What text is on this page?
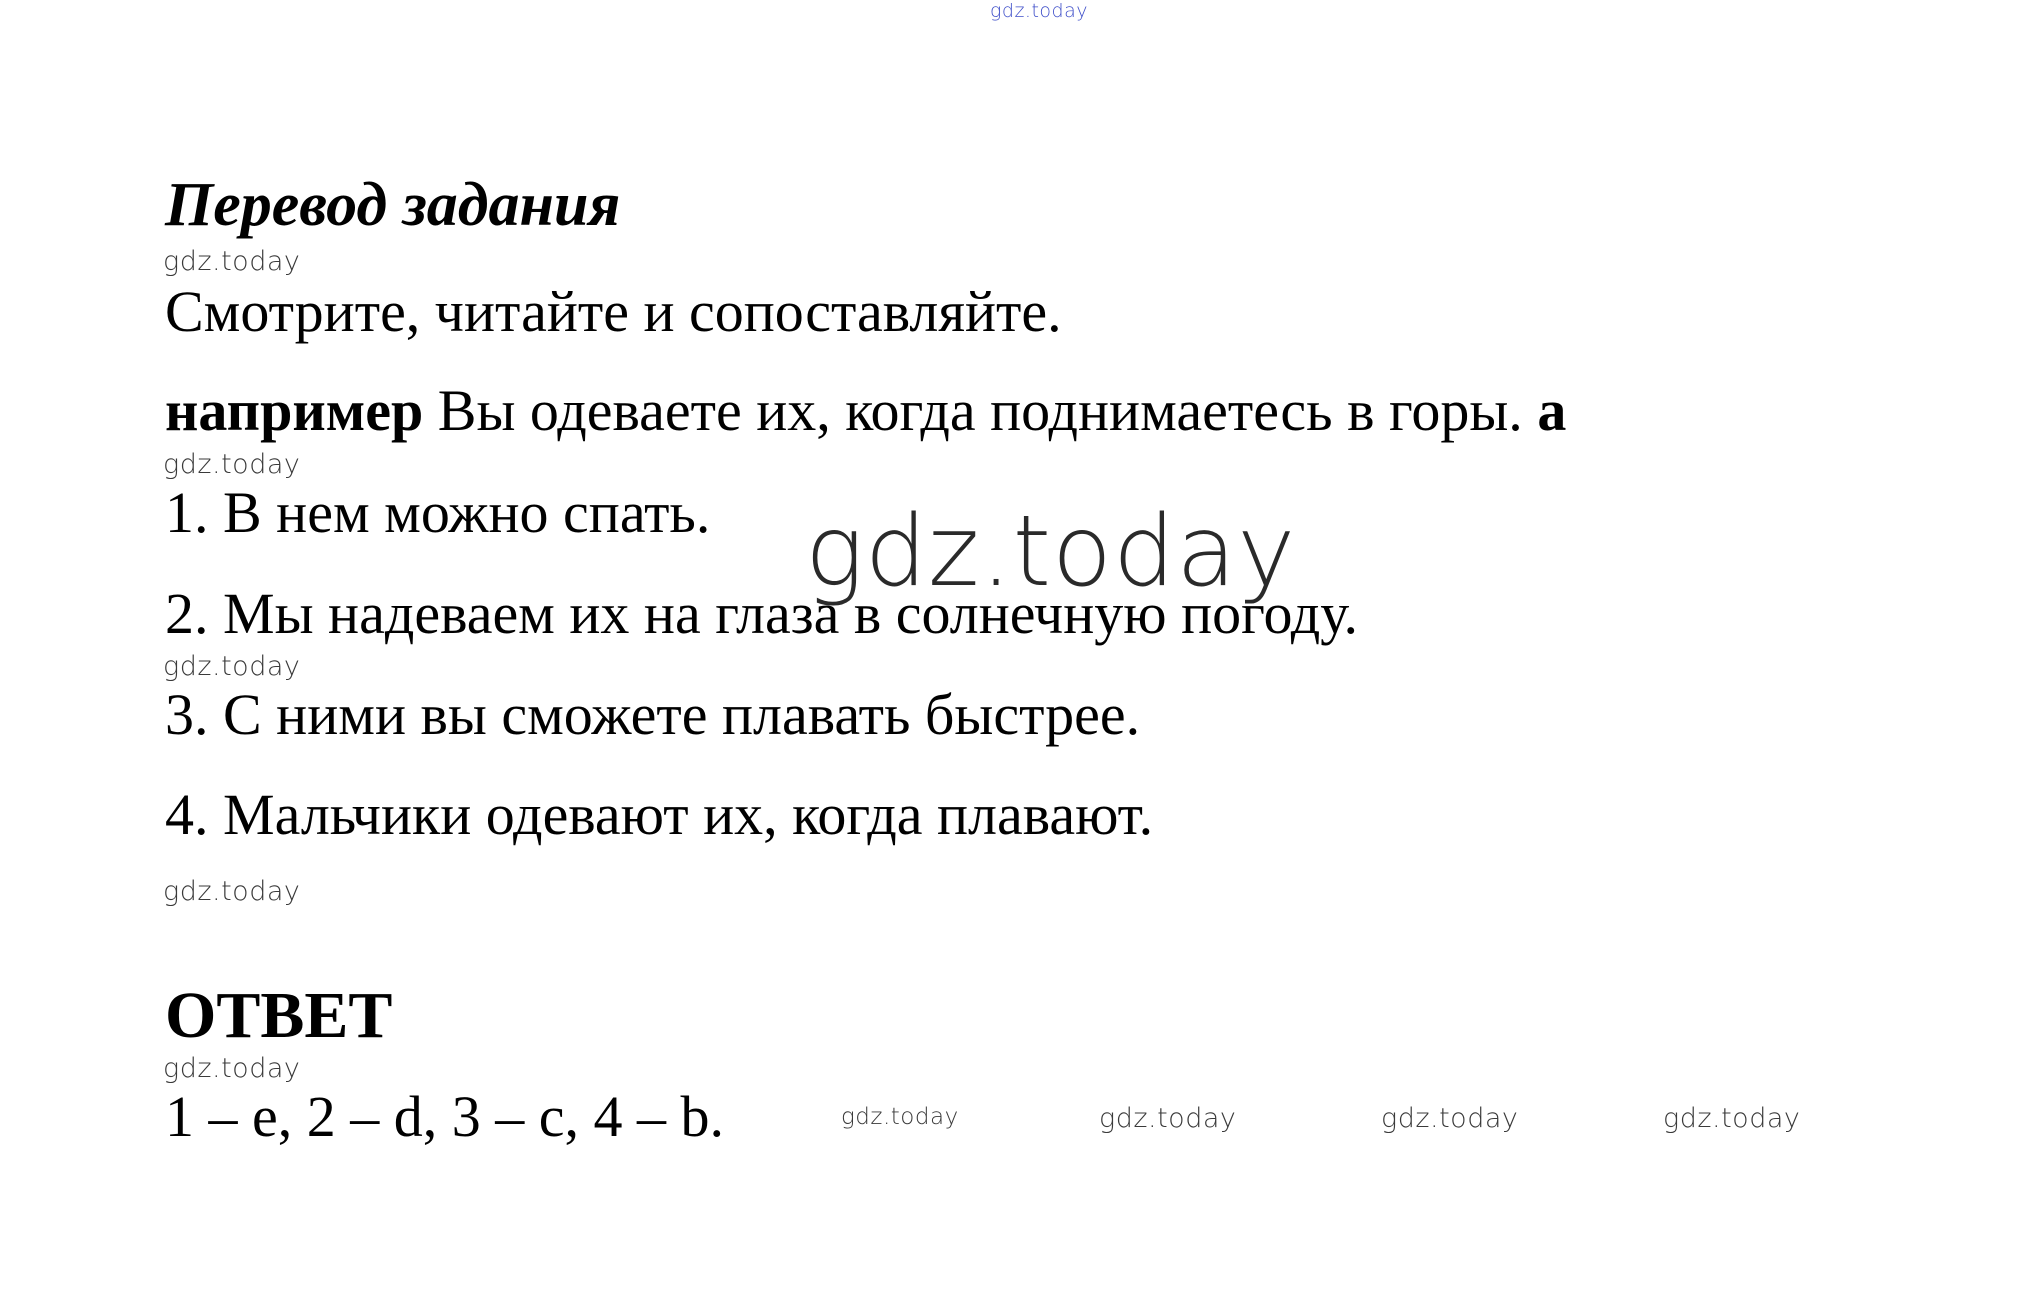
gdz.today
Перевод задания
gdz.today
Смотрите, читайте и сопоставляйте.
например Вы одеваете их, когда поднимаетесь в горы. a
gdz.today
1. В нем можно спать. gdz.today
2. Мы надеваем их на глаза в солнечную погоду.
gdz.today
3. С ними вы сможете плавать быстрее.
4. Мальчики одевают их, когда плавают.
gdz.today
ОТВЕТ
gdz.today
1 – e, 2 – d, 3 – c, 4 – b.	gdz.today	gdz.today	gdz.today	gdz.today
